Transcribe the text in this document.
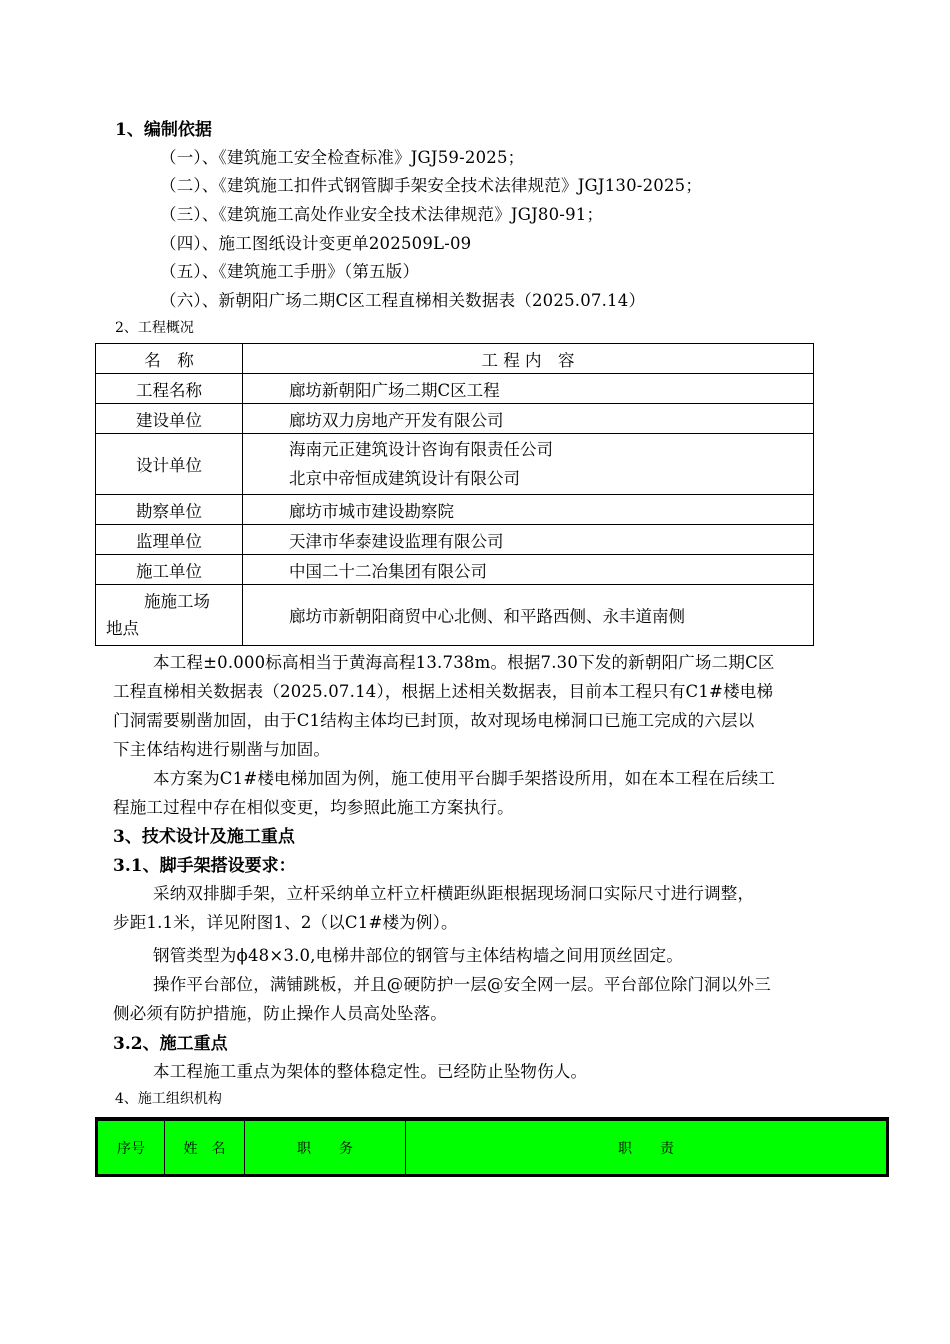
1、编制依据
（一）、《建筑施工安全检查标准》JGJ59-2025；
（二）、《建筑施工扣件式钢管脚手架安全技术法律规范》JGJ130-2025；
（三）、《建筑施工高处作业安全技术法律规范》JGJ80-91；
（四）、施工图纸设计变更单202509L-09
（五）、《建筑施工手册》（第五版）
（六）、新朝阳广场二期C区工程直梯相关数据表（2025.07.14）
2、工程概况
名　称	工 程 内　容
工程名称	廊坊新朝阳广场二期C区工程
建设单位	廊坊双力房地产开发有限公司
设计单位	海南元正建筑设计咨询有限责任公司
北京中帝恒成建筑设计有限公司

勘察单位	廊坊市城市建设勘察院
监理单位	天津市华泰建设监理有限公司
施工单位	中国二十二冶集团有限公司

施施工场
地点	廊坊市新朝阳商贸中心北侧、和平路西侧、永丰道南侧
本工程±0.000标高相当于黄海高程13.738m。根据7.30下发的新朝阳广场二期C区
工程直梯相关数据表（2025.07.14），根据上述相关数据表，目前本工程只有C1#楼电梯
门洞需要剔凿加固，由于C1结构主体均已封顶，故对现场电梯洞口已施工完成的六层以
下主体结构进行剔凿与加固。
本方案为C1#楼电梯加固为例，施工使用平台脚手架搭设所用，如在本工程在后续工
程施工过程中存在相似变更，均参照此施工方案执行。
3、技术设计及施工重点
3.1、脚手架搭设要求：
采纳双排脚手架，立杆采纳单立杆立杆横距纵距根据现场洞口实际尺寸进行调整，
步距1.1米，详见附图1、2（以C1#楼为例）。
钢管类型为ϕ48×3.0,电梯井部位的钢管与主体结构墙之间用顶丝固定。
操作平台部位，满铺跳板，并且@硬防护一层@安全网一层。平台部位除门洞以外三
侧必须有防护措施，防止操作人员高处坠落。
3.2、施工重点
本工程施工重点为架体的整体稳定性。已经防止坠物伤人。
4、施工组织机构
序号	姓　名	职　　务	职　　责
